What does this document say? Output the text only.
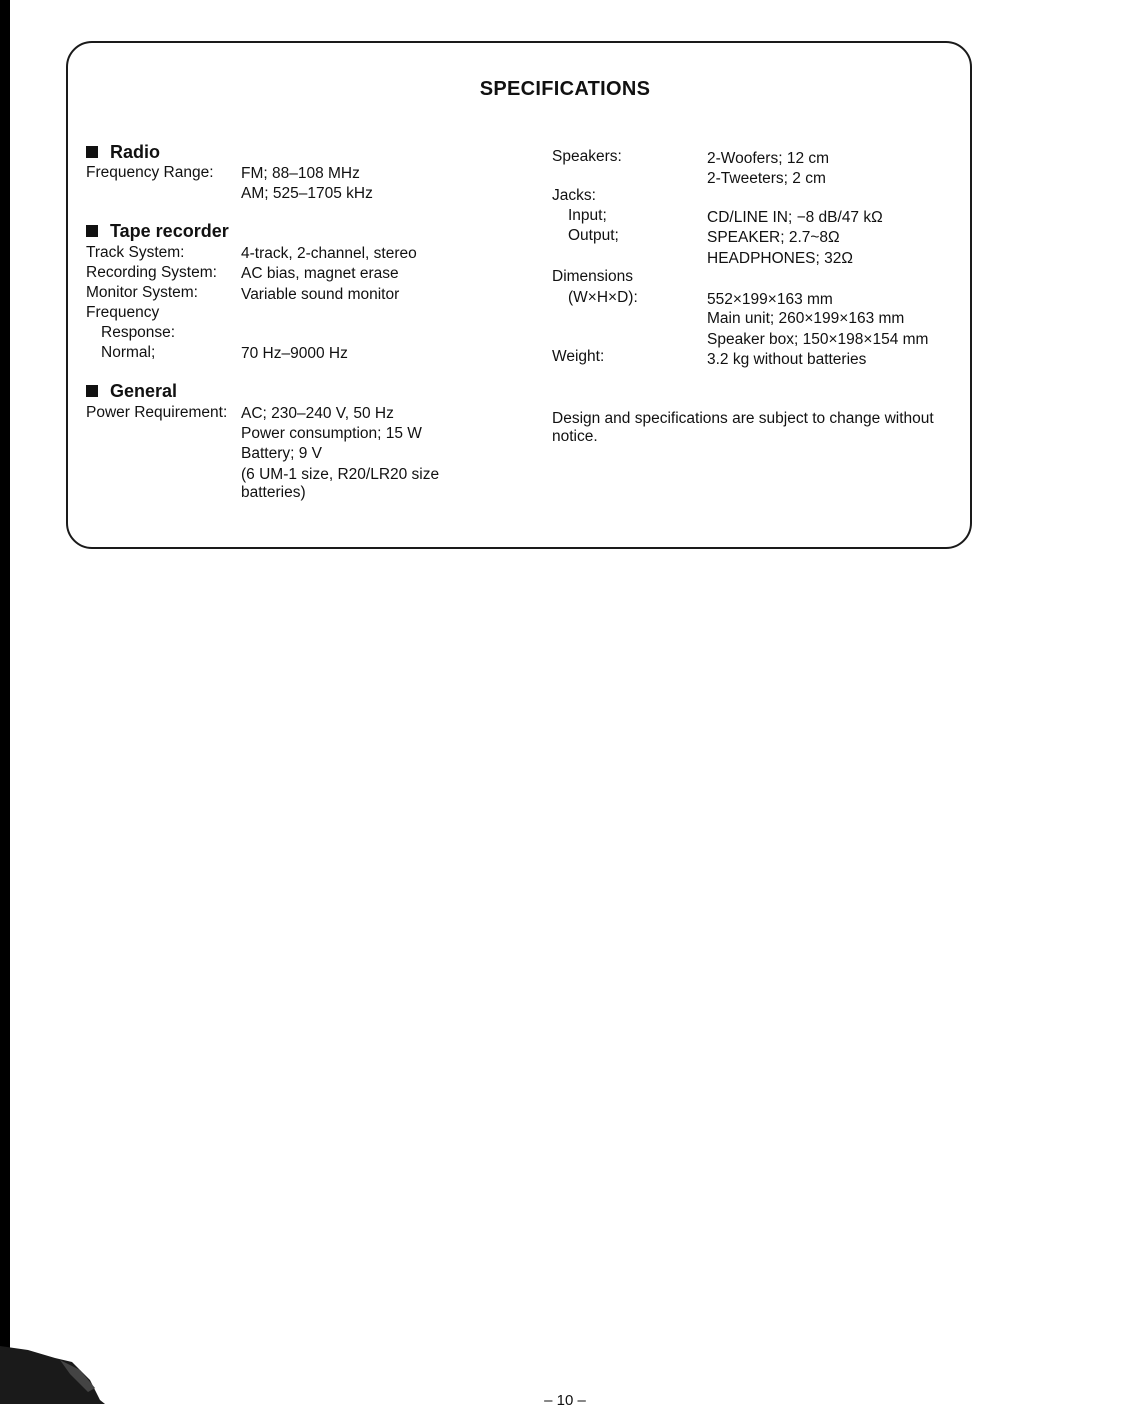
SPECIFICATIONS
Radio
Frequency Range: FM; 88–108 MHz
AM; 525–1705 kHz
Tape recorder
Track System:	4-track, 2-channel, stereo
Recording System: AC bias, magnet erase
Monitor System:	Variable sound monitor
Frequency
Response:
Normal;	70 Hz–9000 Hz
General
Power Requirement: AC; 230–240 V, 50 Hz
Power consumption; 15 W
Battery; 9 V
(6 UM-1 size, R20/LR20 size
batteries)
Speakers:	2-Woofers; 12 cm
2-Tweeters; 2 cm
Jacks:
Input;	CD/LINE IN; −8 dB/47 kΩ
Output;	SPEAKER; 2.7~8Ω
HEADPHONES; 32Ω
Dimensions
(W×H×D):	552×199×163 mm
Main unit; 260×199×163 mm
Speaker box; 150×198×154 mm
Weight:	3.2 kg without batteries
Design and specifications are subject to change without
notice.
– 10 –
